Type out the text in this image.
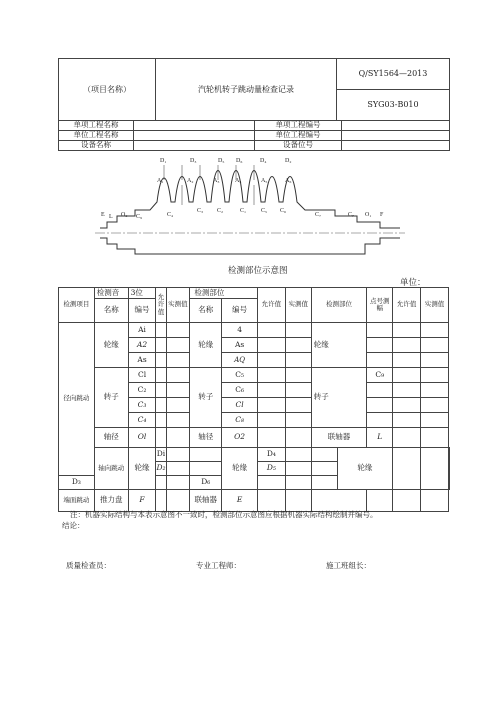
（项目名称）	汽轮机转子跳动量检查记录	Q/SY1564—2013
SYG03-B010
单项工程名称		单项工程编号	
单位工程名称		单位工程编号	
设备名称		设备位号	
D₁	D₃	D₅ D₆	D₄	D₂
A₁	A₂	A₃	A₄	A₅	A₆
C₄
C₃ C₂	C₁ C₅ C₆
C₇
E L O₂ C₉	C₇ O₁ F
检测部位示意图
单位：
检测项目	检测音	3位	允许值	实测值	检测部位		允许值	实测值	检测部位		点号测幅	允许值	实测值	
	名称	编号			名称	编号								
径向跳动	轮缘	Ai			轮缘	4			轮缘					
		A2				As								
		As				AQ								
	转子	Cl			转子	C₅			转子		C₉			
		C₂				C₆								
		C₃				Cl								
		C₄				C₈								
	轴径	Ol			轴径	O2			联轴器		L			
	轴向跳动	轮缘	Di			轮缘	D₄			轮缘				
			D₂				D₅							
D₃					D₆									
端面跳动	推力盘	F			联轴器	E								
注：机器实际结构与本表示意图不一致时，检测部位示意图应根据机器实际结构绘制并编号。
结论：
质量检查员：	专业工程师：	施工班组长：
